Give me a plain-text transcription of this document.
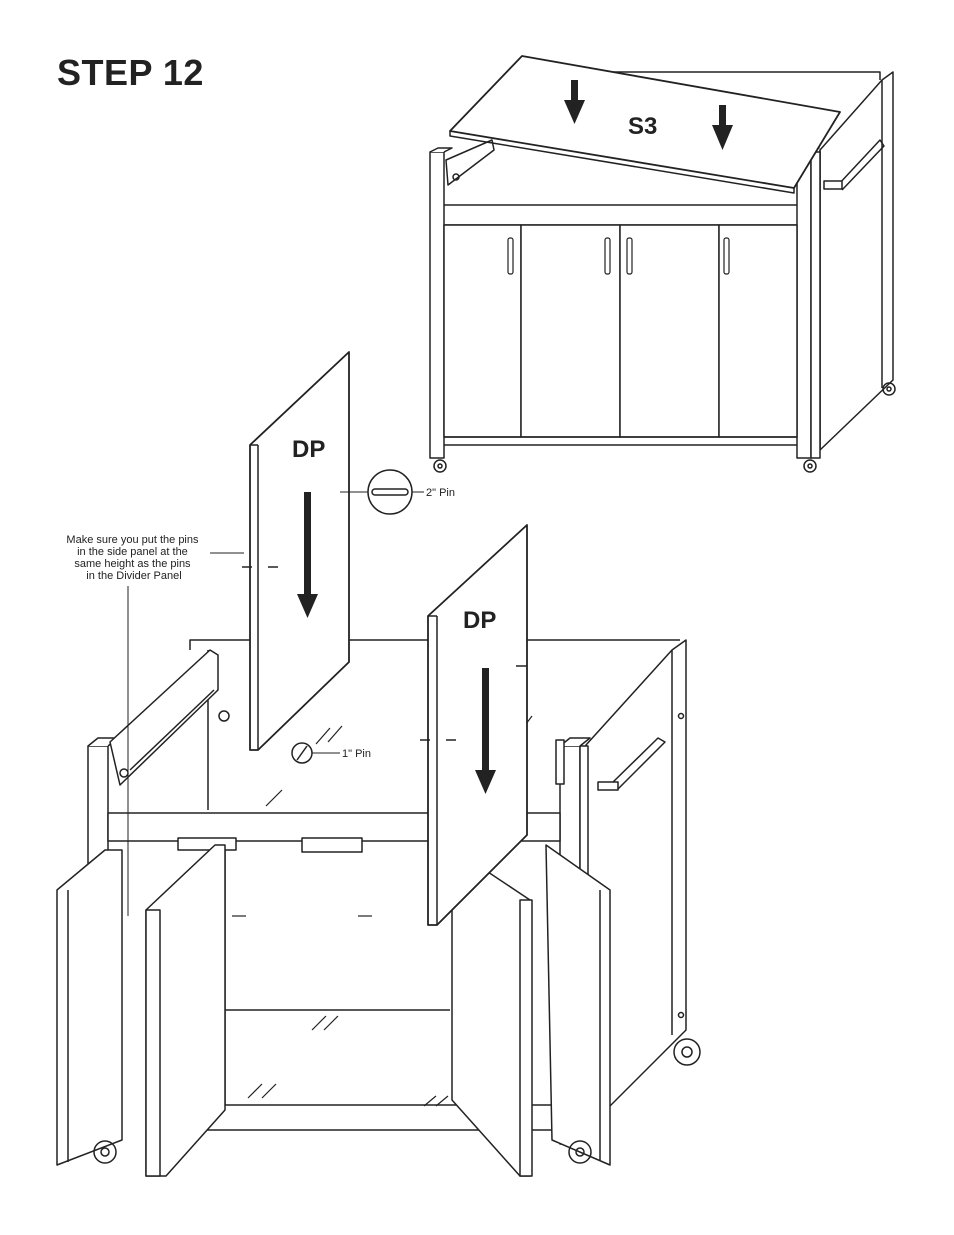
STEP 12
S3
DP
DP
2" Pin
1" Pin
Make sure you put the pins in the side panel at the same height as the pins in the Divider Panel
